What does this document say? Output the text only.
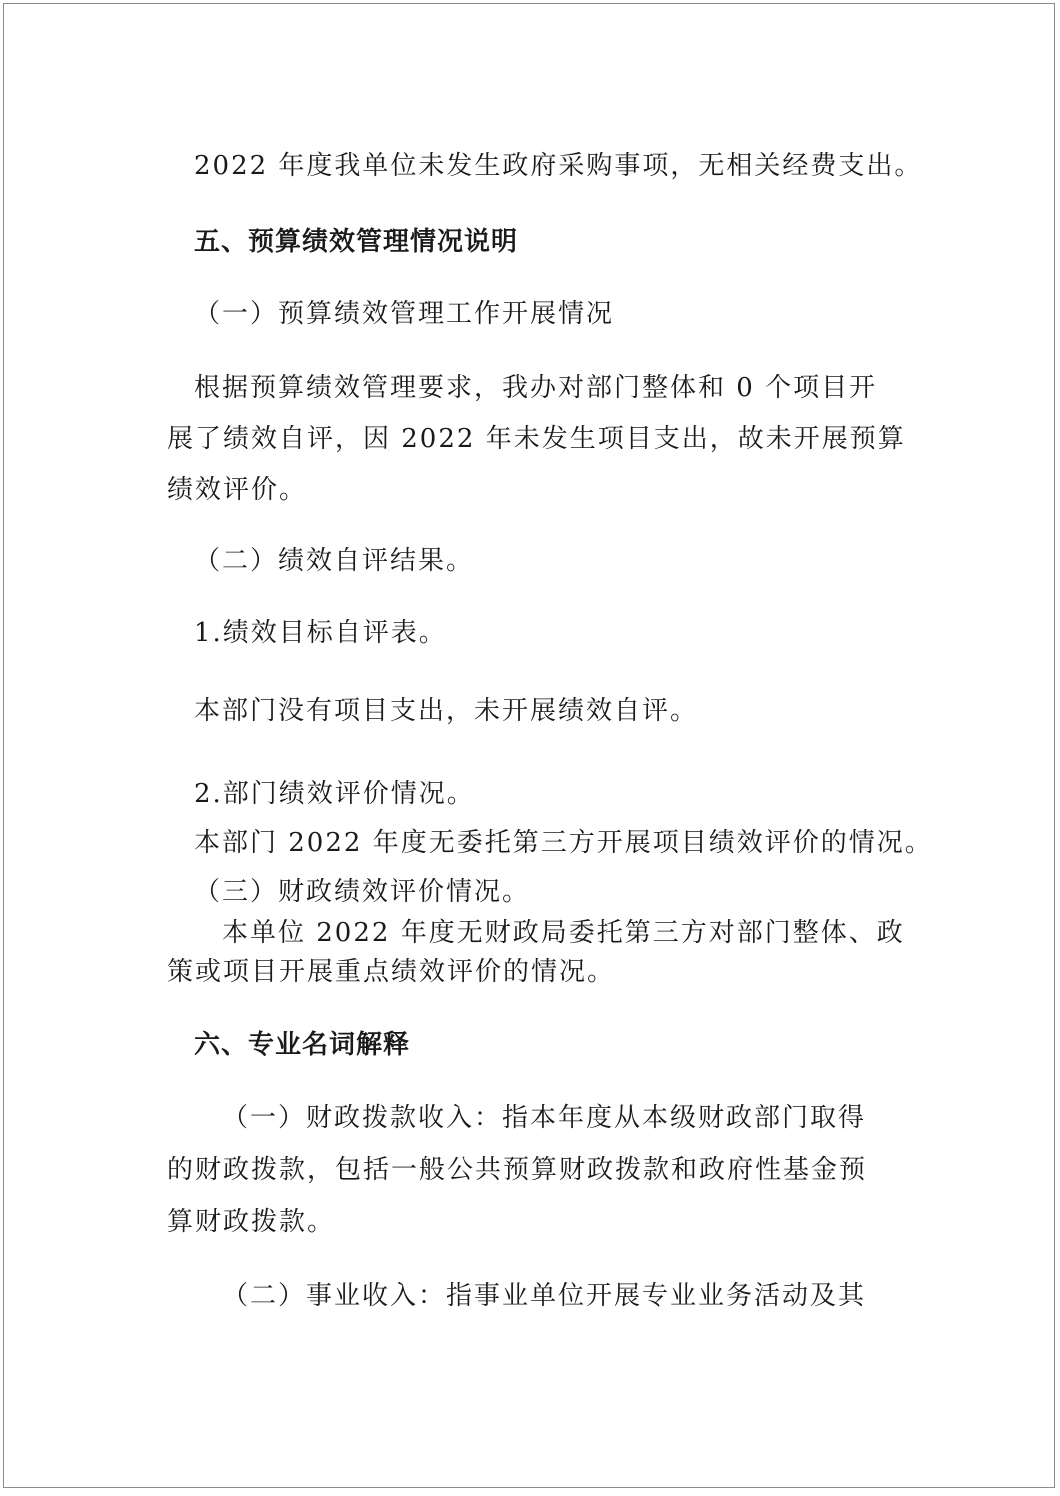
2022 年度我单位未发生政府采购事项，无相关经费支出。
五、预算绩效管理情况说明
（一）预算绩效管理工作开展情况
根据预算绩效管理要求，我办对部门整体和 0 个项目开
展了绩效自评，因 2022 年未发生项目支出，故未开展预算
绩效评价。
（二）绩效自评结果。
1.绩效目标自评表。
本部门没有项目支出，未开展绩效自评。
2.部门绩效评价情况。
本部门 2022 年度无委托第三方开展项目绩效评价的情况。
（三）财政绩效评价情况。
本单位 2022 年度无财政局委托第三方对部门整体、政
策或项目开展重点绩效评价的情况。
六、专业名词解释
（一）财政拨款收入：指本年度从本级财政部门取得
的财政拨款，包括一般公共预算财政拨款和政府性基金预
算财政拨款。
（二）事业收入：指事业单位开展专业业务活动及其
